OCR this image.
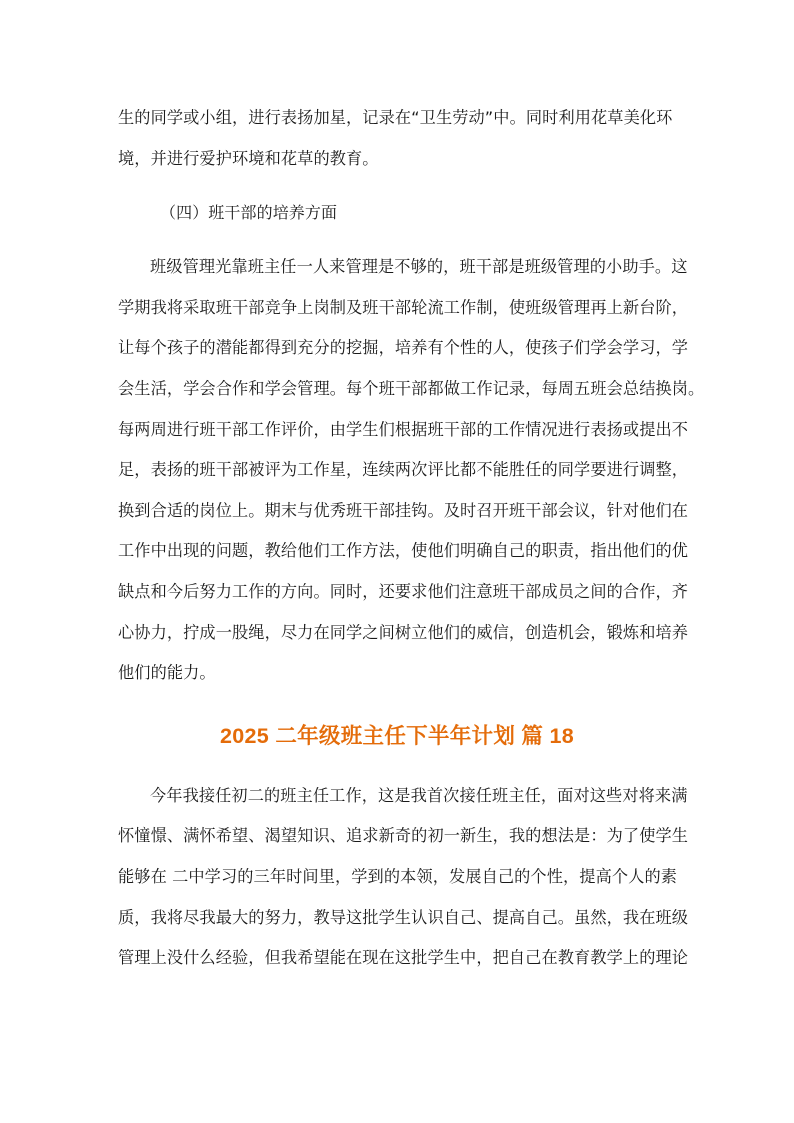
生的同学或小组，进行表扬加星，记录在“卫生劳动”中。同时利用花草美化环
境，并进行爱护环境和花草的教育。
（四）班干部的培养方面
班级管理光靠班主任一人来管理是不够的，班干部是班级管理的小助手。这
学期我将采取班干部竞争上岗制及班干部轮流工作制，使班级管理再上新台阶，
让每个孩子的潜能都得到充分的挖掘，培养有个性的人，使孩子们学会学习，学
会生活，学会合作和学会管理。每个班干部都做工作记录，每周五班会总结换岗。
每两周进行班干部工作评价，由学生们根据班干部的工作情况进行表扬或提出不
足，表扬的班干部被评为工作星，连续两次评比都不能胜任的同学要进行调整，
换到合适的岗位上。期末与优秀班干部挂钩。及时召开班干部会议，针对他们在
工作中出现的问题，教给他们工作方法，使他们明确自己的职责，指出他们的优
缺点和今后努力工作的方向。同时，还要求他们注意班干部成员之间的合作，齐
心协力，拧成一股绳，尽力在同学之间树立他们的威信，创造机会，锻炼和培养
他们的能力。
2025 二年级班主任下半年计划 篇 18
今年我接任初二的班主任工作，这是我首次接任班主任，面对这些对将来满
怀憧憬、满怀希望、渴望知识、追求新奇的初一新生，我的想法是：为了使学生
能够在 二中学习的三年时间里，学到的本领，发展自己的个性，提高个人的素
质，我将尽我最大的努力，教导这批学生认识自己、提高自己。虽然，我在班级
管理上没什么经验，但我希望能在现在这批学生中，把自己在教育教学上的理论
